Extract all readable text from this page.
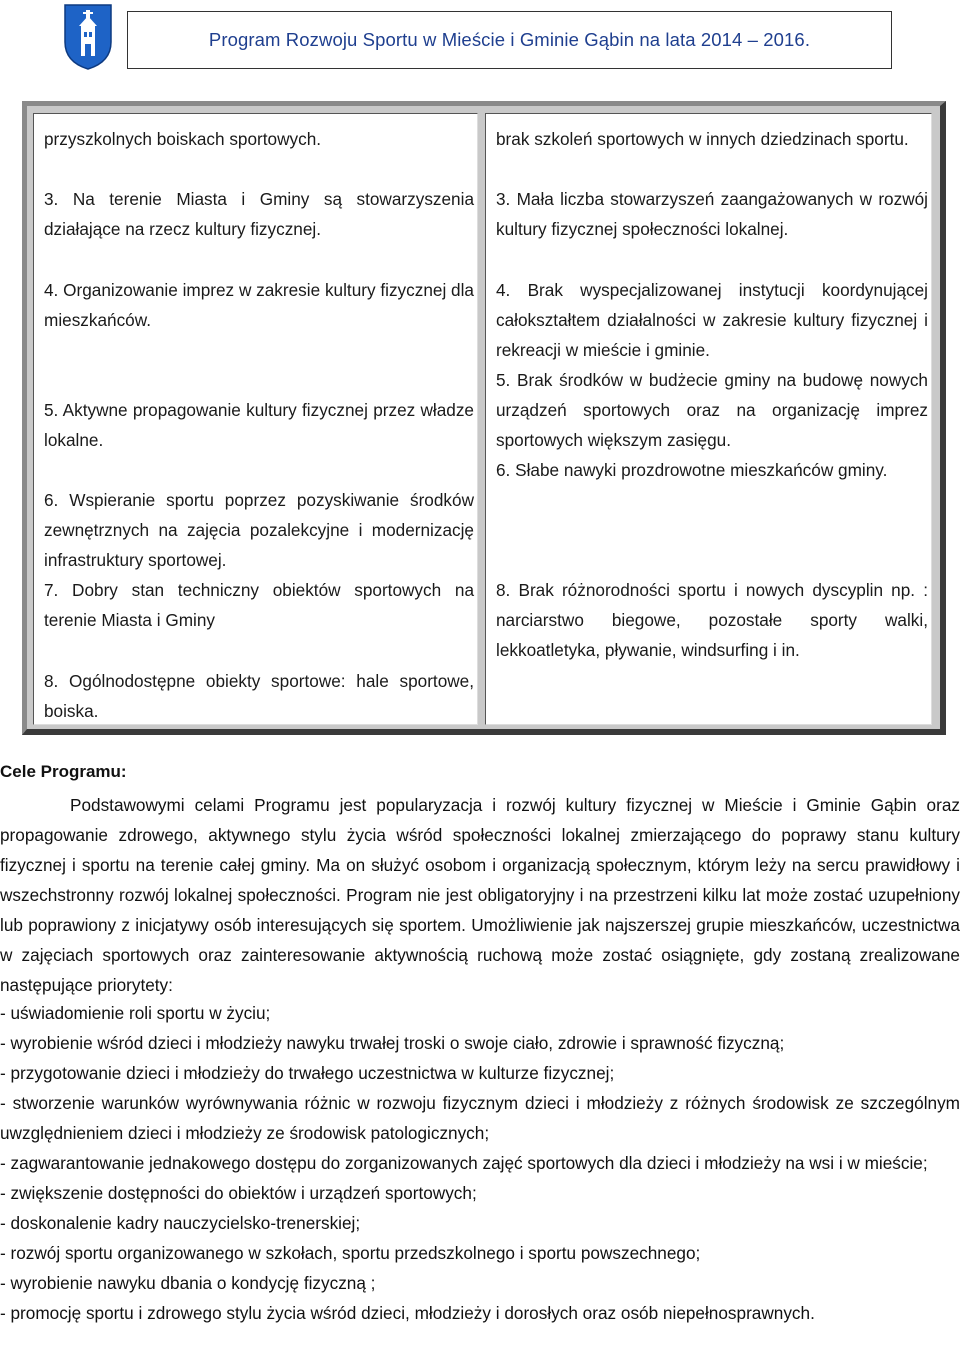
Program Rozwoju Sportu w Mieście i Gminie Gąbin na lata 2014 – 2016.
przyszkolnych boiskach sportowych.
3. Na terenie Miasta i Gminy są stowarzyszenia działające na rzecz kultury fizycznej.
4. Organizowanie imprez w zakresie kultury fizycznej dla mieszkańców.
5. Aktywne propagowanie kultury fizycznej przez władze lokalne.
6. Wspieranie sportu poprzez pozyskiwanie środków zewnętrznych na zajęcia pozalekcyjne i modernizację infrastruktury sportowej.
7. Dobry stan techniczny obiektów sportowych na terenie Miasta i Gminy
8. Ogólnodostępne obiekty sportowe: hale sportowe, boiska.
brak szkoleń sportowych w innych dziedzinach sportu.
3. Mała liczba stowarzyszeń zaangażowanych w rozwój kultury fizycznej społeczności lokalnej.
4. Brak wyspecjalizowanej instytucji koordynującej całokształtem działalności w zakresie kultury fizycznej i rekreacji w mieście i gminie.
5. Brak środków w budżecie gminy na budowę nowych urządzeń sportowych oraz na organizację imprez sportowych większym zasięgu.
6. Słabe nawyki prozdrowotne mieszkańców gminy.
8. Brak różnorodności sportu i nowych dyscyplin np. : narciarstwo biegowe, pozostałe sporty walki, lekkoatletyka, pływanie, windsurfing i in.
Cele Programu:

Podstawowymi celami Programu jest popularyzacja i rozwój kultury fizycznej w Mieście i Gminie Gąbin oraz propagowanie zdrowego, aktywnego stylu życia wśród społeczności lokalnej zmierzającego do poprawy stanu kultury fizycznej i sportu na terenie całej gminy. Ma on służyć osobom i organizacją społecznym, którym leży na sercu prawidłowy i wszechstronny rozwój lokalnej społeczności. Program nie jest obligatoryjny i na przestrzeni kilku lat może zostać uzupełniony lub poprawiony z inicjatywy osób interesujących się sportem. Umożliwienie jak najszerszej grupie mieszkańców, uczestnictwa w zajęciach sportowych oraz zainteresowanie aktywnością ruchową może zostać osiągnięte, gdy zostaną zrealizowane następujące priorytety:

- uświadomienie roli sportu w życiu;
- wyrobienie wśród dzieci i młodzieży nawyku trwałej troski o swoje ciało, zdrowie i sprawność fizyczną;
- przygotowanie dzieci i młodzieży do trwałego uczestnictwa w kulturze fizycznej;
- stworzenie warunków wyrównywania różnic w rozwoju fizycznym dzieci i młodzieży z różnych środowisk ze szczególnym uwzględnieniem dzieci i młodzieży ze środowisk patologicznych;
- zagwarantowanie jednakowego dostępu do zorganizowanych zajęć sportowych dla dzieci i młodzieży na wsi i w mieście;
- zwiększenie dostępności do obiektów i urządzeń sportowych;
- doskonalenie kadry nauczycielsko-trenerskiej;
- rozwój sportu organizowanego w szkołach, sportu przedszkolnego i sportu powszechnego;
- wyrobienie nawyku dbania o kondycję fizyczną ;
- promocję sportu i zdrowego stylu życia wśród dzieci, młodzieży i dorosłych oraz osób niepełnosprawnych.
